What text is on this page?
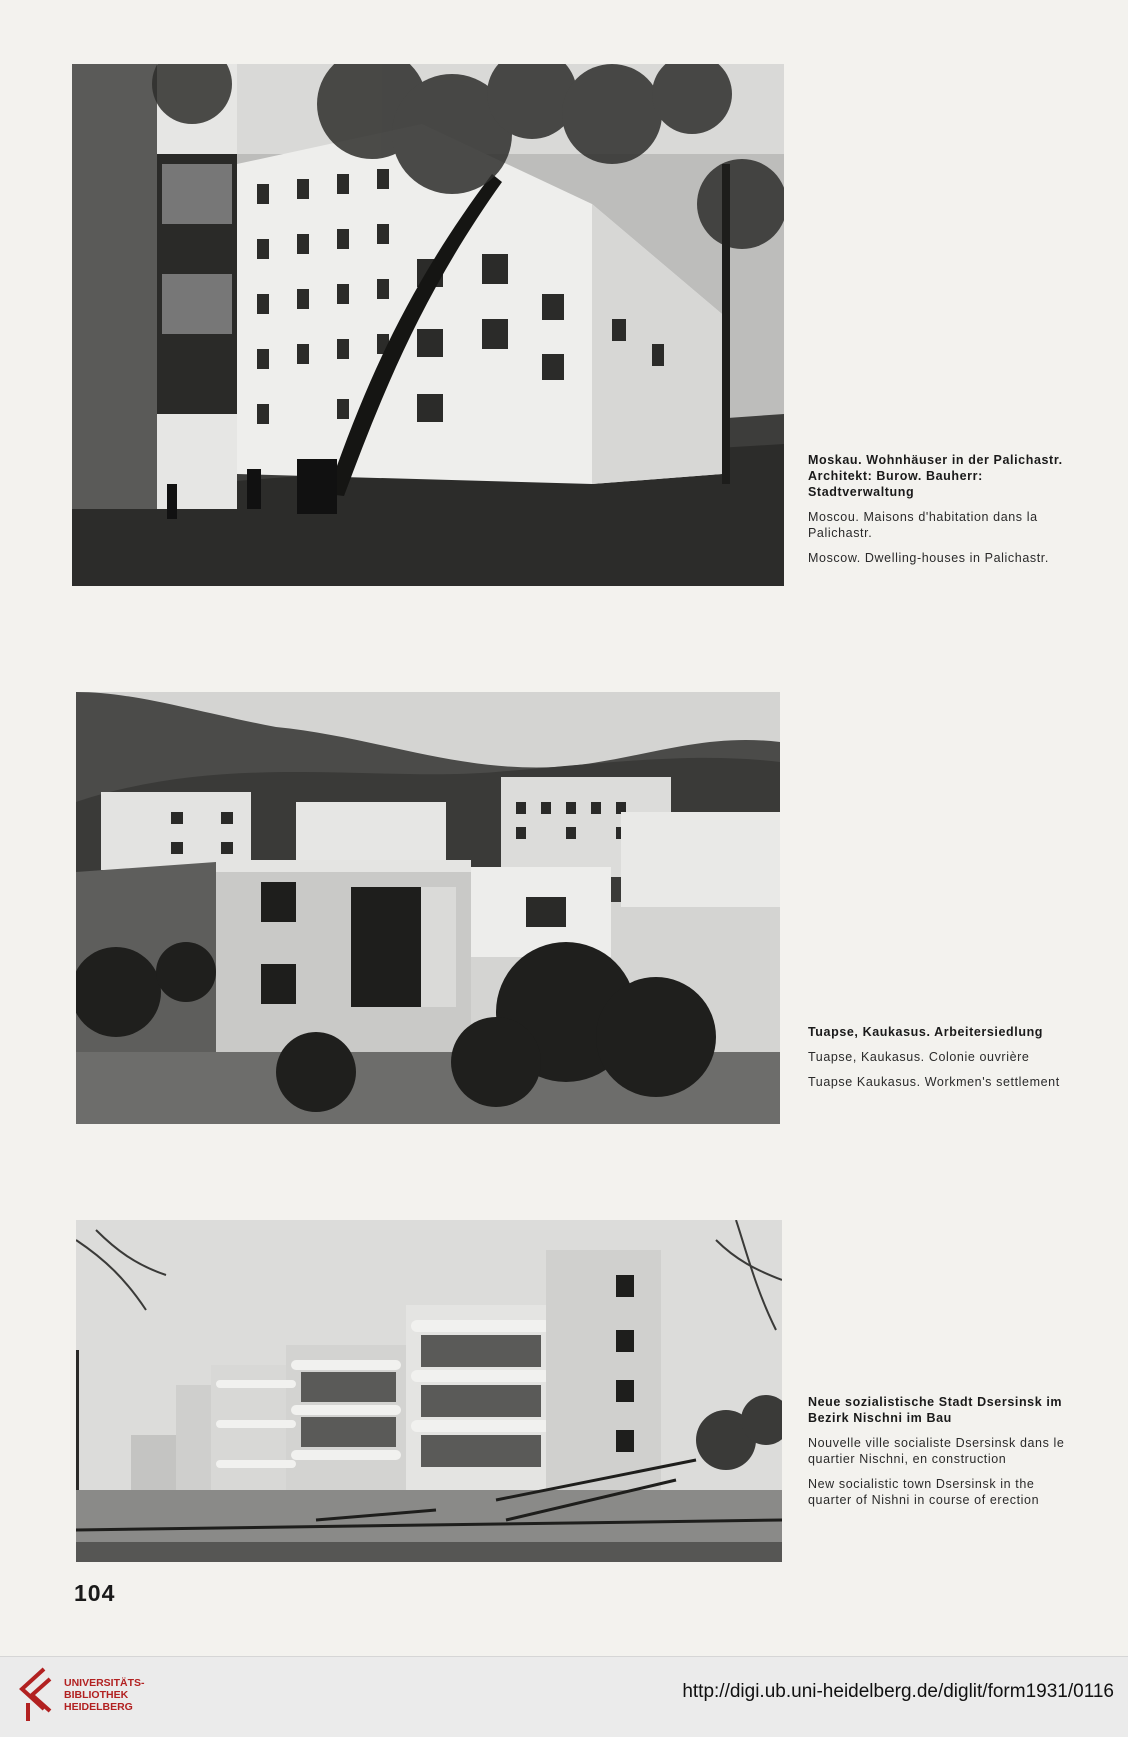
Moskau. Wohnhäuser in der Palichastr. Architekt: Burow. Bauherr: Stadtverwaltung
Moscou. Maisons d'habitation dans la Palichastr.
Moscow. Dwelling-houses in Palichastr.
Tuapse, Kaukasus. Arbeitersiedlung
Tuapse, Kaukasus. Colonie ouvrière
Tuapse Kaukasus. Workmen's settlement
Neue sozialistische Stadt Dsersinsk im Bezirk Nischni im Bau
Nouvelle ville socialiste Dsersinsk dans le quartier Nischni, en construction
New socialistic town Dsersinsk in the quarter of Nishni in course of erection
104
UNIVERSITÄTS-
BIBLIOTHEK
HEIDELBERG
http://digi.ub.uni-heidelberg.de/diglit/form1931/0116
